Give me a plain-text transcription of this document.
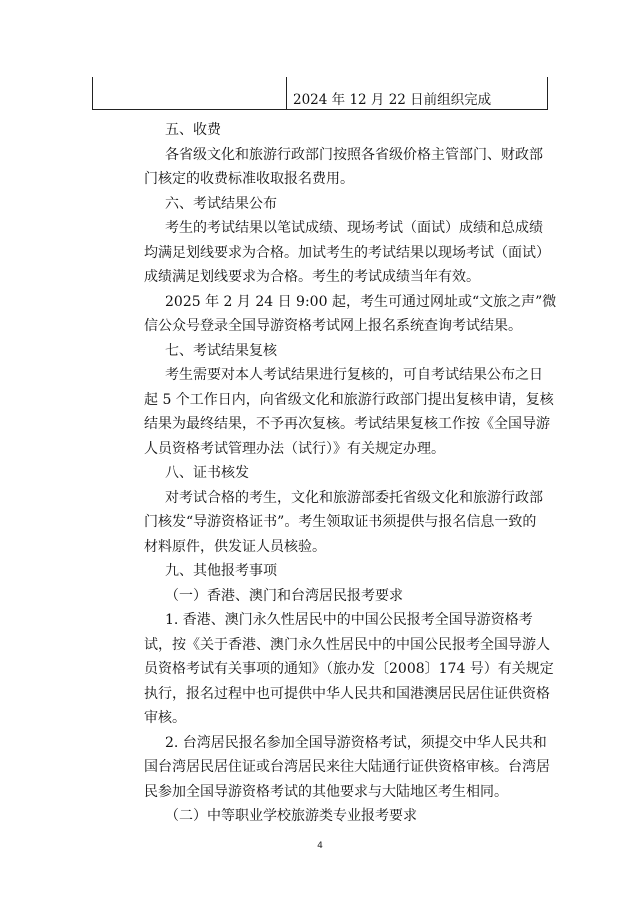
2024 年 12 月 22 日前组织完成
五、收费
各省级文化和旅游行政部门按照各省级价格主管部门、财政部
门核定的收费标准收取报名费用。
六、考试结果公布
考生的考试结果以笔试成绩、现场考试（面试）成绩和总成绩
均满足划线要求为合格。加试考生的考试结果以现场考试（面试）
成绩满足划线要求为合格。考生的考试成绩当年有效。
2025 年 2 月 24 日 9:00 起，考生可通过网址或“文旅之声”微
信公众号登录全国导游资格考试网上报名系统查询考试结果。
七、考试结果复核
考生需要对本人考试结果进行复核的，可自考试结果公布之日
起 5 个工作日内，向省级文化和旅游行政部门提出复核申请，复核
结果为最终结果，不予再次复核。考试结果复核工作按《全国导游
人员资格考试管理办法（试行）》有关规定办理。
八、证书核发
对考试合格的考生，文化和旅游部委托省级文化和旅游行政部
门核发“导游资格证书”。考生领取证书须提供与报名信息一致的
材料原件，供发证人员核验。
九、其他报考事项
（一）香港、澳门和台湾居民报考要求
1. 香港、澳门永久性居民中的中国公民报考全国导游资格考
试，按《关于香港、澳门永久性居民中的中国公民报考全国导游人
员资格考试有关事项的通知》（旅办发〔2008〕174 号）有关规定
执行，报名过程中也可提供中华人民共和国港澳居民居住证供资格
审核。
2. 台湾居民报名参加全国导游资格考试，须提交中华人民共和
国台湾居民居住证或台湾居民来往大陆通行证供资格审核。台湾居
民参加全国导游资格考试的其他要求与大陆地区考生相同。
（二）中等职业学校旅游类专业报考要求
4
